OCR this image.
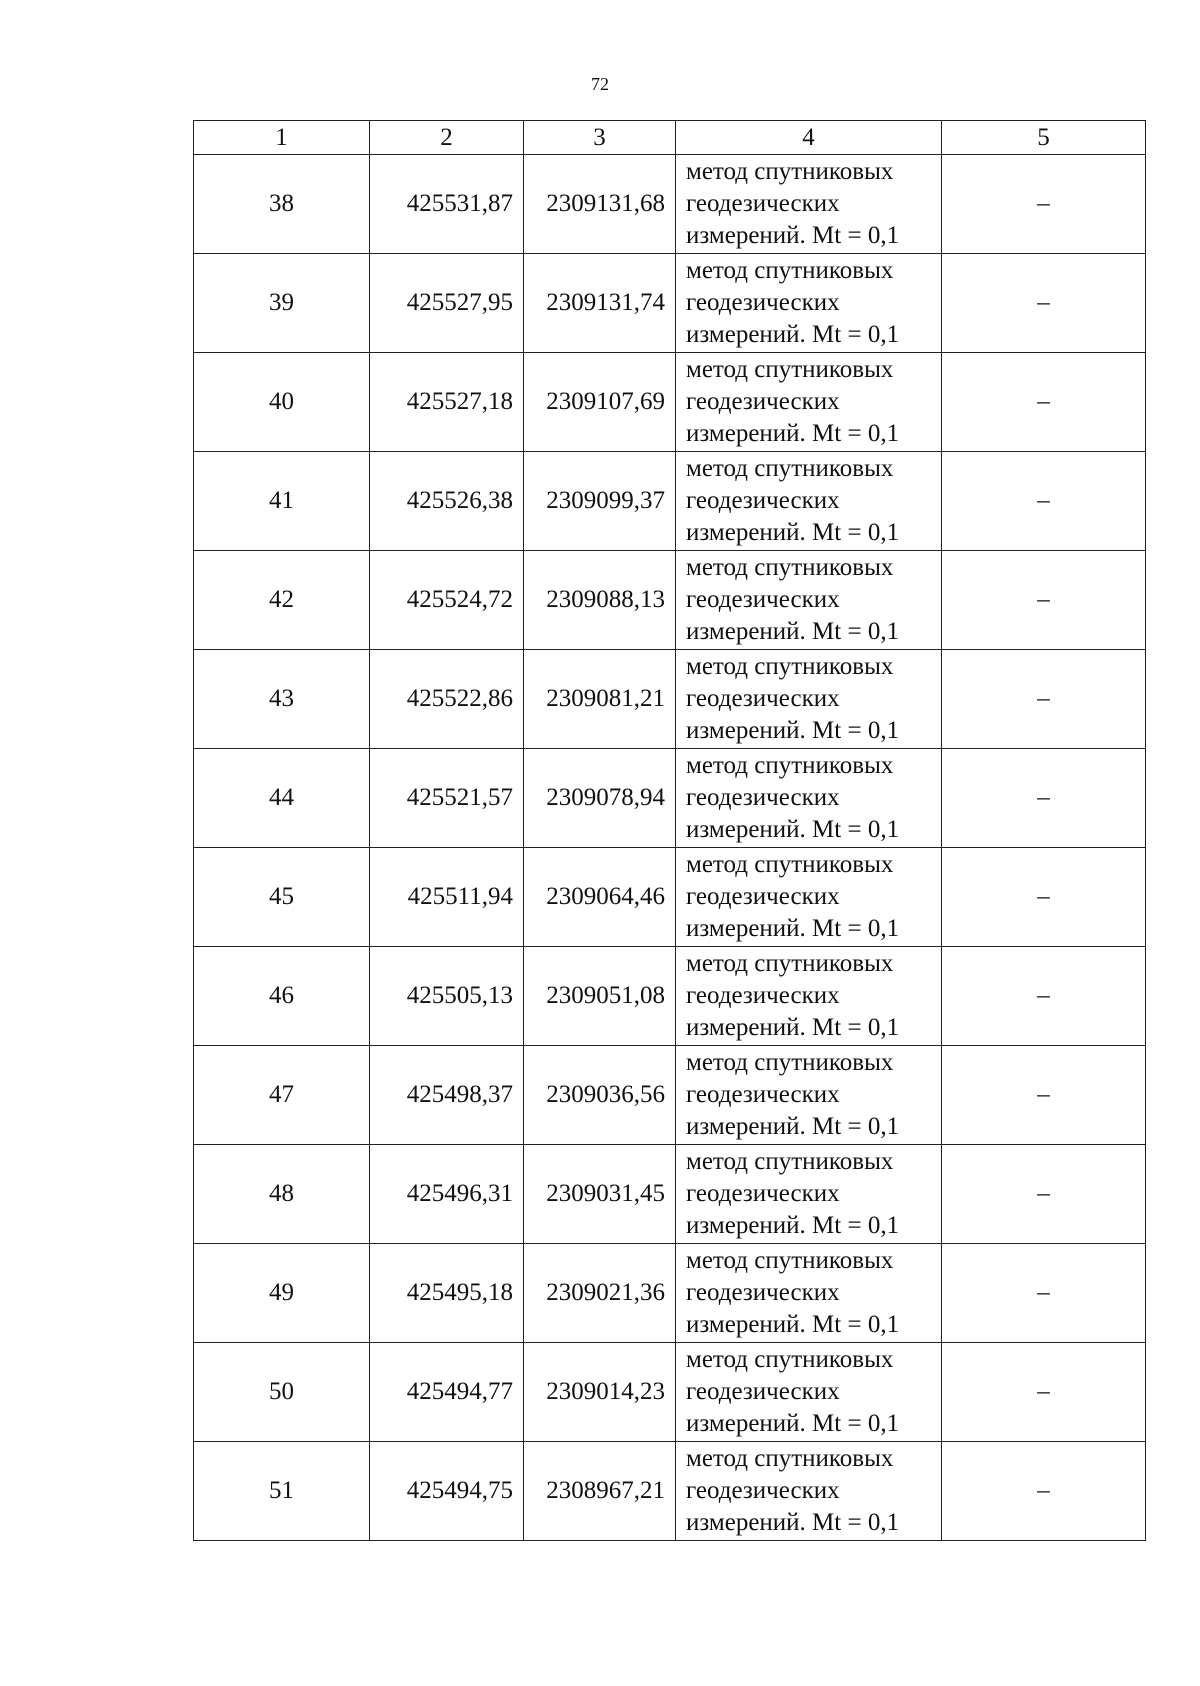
72
1	2	3	4	5
38	425531,87	2309131,68	метод спутниковых
геодезических
измерений. Mt = 0,1	–
39	425527,95	2309131,74	метод спутниковых
геодезических
измерений. Mt = 0,1	–
40	425527,18	2309107,69	метод спутниковых
геодезических
измерений. Mt = 0,1	–
41	425526,38	2309099,37	метод спутниковых
геодезических
измерений. Mt = 0,1	–
42	425524,72	2309088,13	метод спутниковых
геодезических
измерений. Mt = 0,1	–
43	425522,86	2309081,21	метод спутниковых
геодезических
измерений. Mt = 0,1	–
44	425521,57	2309078,94	метод спутниковых
геодезических
измерений. Mt = 0,1	–
45	425511,94	2309064,46	метод спутниковых
геодезических
измерений. Mt = 0,1	–
46	425505,13	2309051,08	метод спутниковых
геодезических
измерений. Mt = 0,1	–
47	425498,37	2309036,56	метод спутниковых
геодезических
измерений. Mt = 0,1	–
48	425496,31	2309031,45	метод спутниковых
геодезических
измерений. Mt = 0,1	–
49	425495,18	2309021,36	метод спутниковых
геодезических
измерений. Mt = 0,1	–
50	425494,77	2309014,23	метод спутниковых
геодезических
измерений. Mt = 0,1	–
51	425494,75	2308967,21	метод спутниковых
геодезических
измерений. Mt = 0,1	–
